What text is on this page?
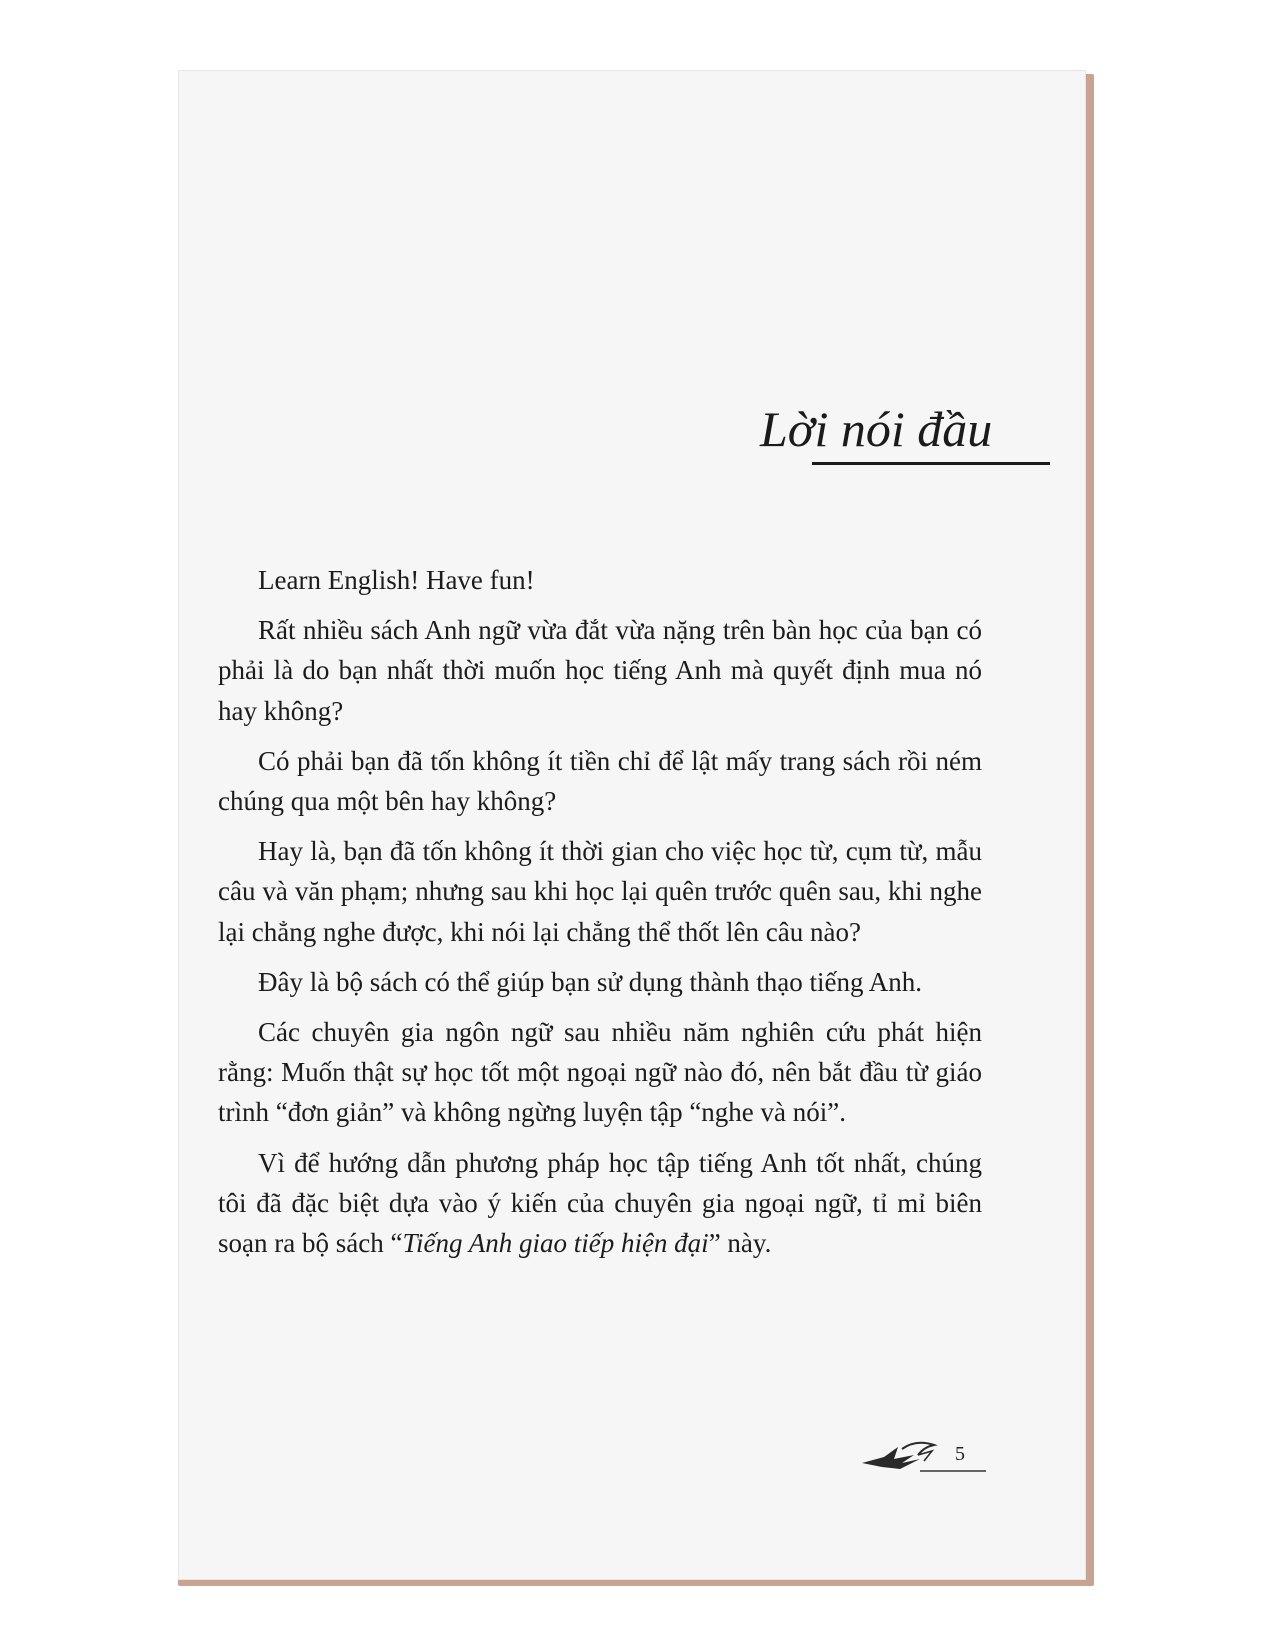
Lời nói đầu

Learn English! Have fun!

Rất nhiều sách Anh ngữ vừa đắt vừa nặng trên bàn học của bạn có phải là do bạn nhất thời muốn học tiếng Anh mà quyết định mua nó hay không?

Có phải bạn đã tốn không ít tiền chỉ để lật mấy trang sách rồi ném chúng qua một bên hay không?

Hay là, bạn đã tốn không ít thời gian cho việc học từ, cụm từ, mẫu câu và văn phạm; nhưng sau khi học lại quên trước quên sau, khi nghe lại chẳng nghe được, khi nói lại chẳng thể thốt lên câu nào?

Đây là bộ sách có thể giúp bạn sử dụng thành thạo tiếng Anh.

Các chuyên gia ngôn ngữ sau nhiều năm nghiên cứu phát hiện rằng: Muốn thật sự học tốt một ngoại ngữ nào đó, nên bắt đầu từ giáo trình “đơn giản” và không ngừng luyện tập “nghe và nói”.

Vì để hướng dẫn phương pháp học tập tiếng Anh tốt nhất, chúng tôi đã đặc biệt dựa vào ý kiến của chuyên gia ngoại ngữ, tỉ mỉ biên soạn ra bộ sách “Tiếng Anh giao tiếp hiện đại” này.

5
